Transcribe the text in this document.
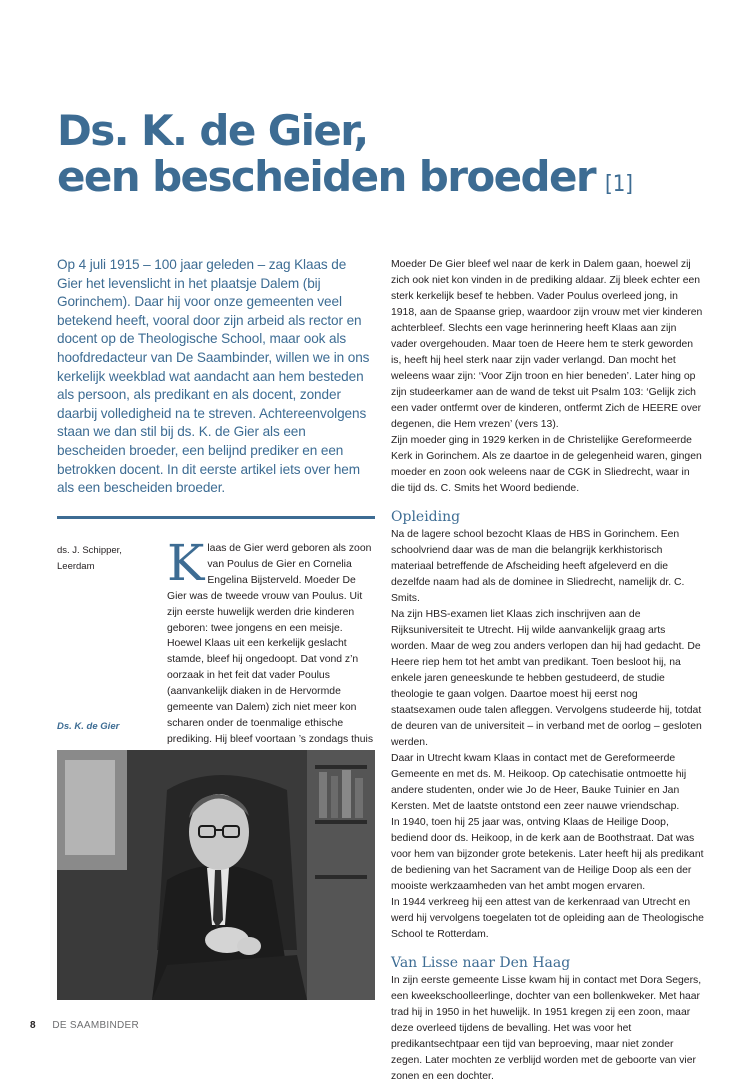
Ds. K. de Gier,
een bescheiden broeder [1]

Op 4 juli 1915 – 100 jaar geleden – zag Klaas de Gier het levenslicht in het plaatsje Dalem (bij Gorinchem). Daar hij voor onze gemeenten veel betekend heeft, vooral door zijn arbeid als rector en docent op de Theologische School, maar ook als hoofdredacteur van De Saambinder, willen we in ons kerkelijk weekblad wat aandacht aan hem besteden als persoon, als predikant en als docent, zonder daarbij volledigheid na te streven. Achtereenvolgens staan we dan stil bij ds. K. de Gier als een bescheiden broeder, een belijnd prediker en een betrokken docent. In dit eerste artikel iets over hem als een bescheiden broeder.

ds. J. Schipper,
Leerdam
Ds. K. de Gier

Klaas de Gier werd geboren als zoon van Poulus de Gier en Cornelia Engelina Bijsterveld. Moeder De Gier was de tweede vrouw van Poulus. Uit zijn eerste huwelijk werden drie kinderen geboren: twee jongens en een meisje. Hoewel Klaas uit een kerkelijk geslacht stamde, bleef hij ongedoopt. Dat vond z’n oorzaak in het feit dat vader Poulus (aanvankelijk diaken in de Hervormde gemeente van Dalem) zich niet meer kon scharen onder de toenmalige ethische prediking. Hij bleef voortaan ’s zondags thuis

Moeder De Gier bleef wel naar de kerk in Dalem gaan, hoewel zij zich ook niet kon vinden in de prediking aldaar. Zij bleek echter een sterk kerkelijk besef te hebben. Vader Poulus overleed jong, in 1918, aan de Spaanse griep, waardoor zijn vrouw met vier kinderen achterbleef. Slechts een vage herinnering heeft Klaas aan zijn vader overgehouden. Maar toen de Heere hem te sterk geworden is, heeft hij heel sterk naar zijn vader verlangd. Dan mocht het weleens waar zijn: ‘Voor Zijn troon en hier beneden’. Later hing op zijn studeerkamer aan de wand de tekst uit Psalm 103: ‘Gelijk zich een vader ontfermt over de kinderen, ontfermt Zich de HEERE over degenen, die Hem vrezen’ (vers 13).

Zijn moeder ging in 1929 kerken in de Christelijke Gereformeerde Kerk in Gorinchem. Als ze daartoe in de gelegenheid waren, gingen moeder en zoon ook weleens naar de CGK in Sliedrecht, waar in die tijd ds. C. Smits het Woord bediende.

Opleiding

Na de lagere school bezocht Klaas de HBS in Gorinchem. Een schoolvriend daar was de man die belangrijk kerkhistorisch materiaal betreffende de Afscheiding heeft afgeleverd en die dezelfde naam had als de dominee in Sliedrecht, namelijk dr. C. Smits.

Na zijn HBS-examen liet Klaas zich inschrijven aan de Rijksuniversiteit te Utrecht. Hij wilde aanvankelijk graag arts worden. Maar de weg zou anders verlopen dan hij had gedacht. De Heere riep hem tot het ambt van predikant. Toen besloot hij, na enkele jaren geneeskunde te hebben gestudeerd, de studie theologie te gaan volgen. Daartoe moest hij eerst nog staatsexamen oude talen afleggen. Vervolgens studeerde hij, totdat de deuren van de universiteit – in verband met de oorlog – gesloten werden.

Daar in Utrecht kwam Klaas in contact met de Gereformeerde Gemeente en met ds. M. Heikoop. Op catechisatie ontmoette hij andere studenten, onder wie Jo de Heer, Bauke Tuinier en Jan Kersten. Met de laatste ontstond een zeer nauwe vriendschap.

In 1940, toen hij 25 jaar was, ontving Klaas de Heilige Doop, bediend door ds. Heikoop, in de kerk aan de Boothstraat. Dat was voor hem van bijzonder grote betekenis. Later heeft hij als predikant de bediening van het Sacrament van de Heilige Doop als een der mooiste werkzaamheden van het ambt mogen ervaren.

In 1944 verkreeg hij een attest van de kerkenraad van Utrecht en werd hij vervolgens toegelaten tot de opleiding aan de Theologische School te Rotterdam.

Van Lisse naar Den Haag

In zijn eerste gemeente Lisse kwam hij in contact met Dora Segers, een kweekschoolleerlinge, dochter van een bollenkweker. Met haar trad hij in 1950 in het huwelijk. In 1951 kregen zij een zoon, maar deze overleed tijdens de bevalling. Het was voor het predikantsechtpaar een tijd van beproeving, maar niet zonder zegen. Later mochten ze verblijd worden met de geboorte van vier zonen en een dochter.

8 DE SAAMBINDER
